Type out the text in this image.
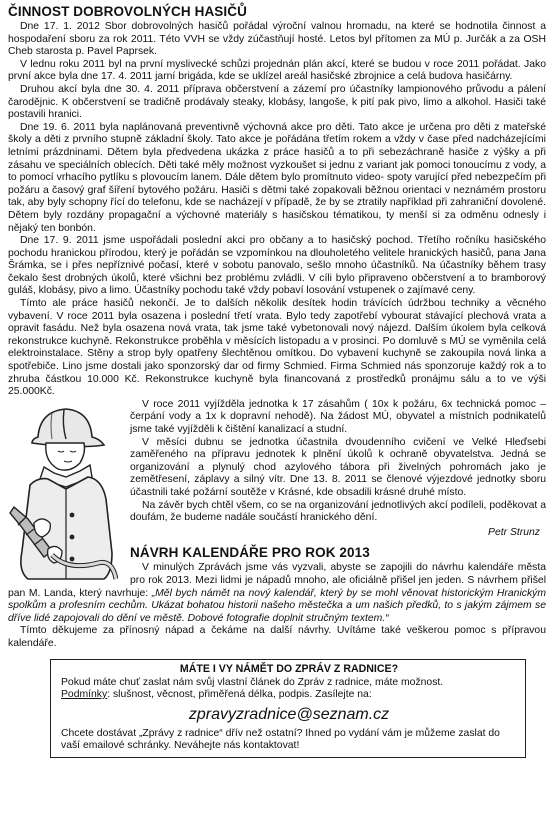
ČINNOST DOBROVOLNÝCH HASIČŮ

Dne 17. 1. 2012 Sbor dobrovolných hasičů pořádal výroční valnou hromadu, na které se hodnotila činnost a hospodaření sboru za rok 2011. Této VVH se vždy zúčastňují hosté. Letos byl přítomen za MÚ p. Jurčák a za OSH Cheb starosta p. Pavel Paprsek.

V lednu roku 2011 byl na první myslivecké schůzi projednán plán akcí, které se budou v roce 2011 pořádat. Jako první akce byla dne 17. 4. 2011 jarní brigáda, kde se uklízel areál hasičské zbrojnice a celá budova hasičárny.

Druhou akcí byla dne 30. 4. 2011 příprava občerstvení a zázemí pro účastníky lampionového průvodu a pálení čarodějnic. K občerstvení se tradičně prodávaly steaky, klobásy, langoše, k pití pak pivo, limo a alkohol. Hasiči také postavili hranici.

Dne 19. 6. 2011 byla naplánovaná preventivně výchovná akce pro děti. Tato akce je určena pro děti z mateřské školy a děti z prvního stupně základní školy. Tato akce je pořádána třetím rokem a vždy v čase před nadcházejícími letními prázdninami. Dětem byla předvedena ukázka z práce hasičů a to při sebezáchraně hasiče z výšky a při zásahu ve speciálních oblecích. Děti také měly možnost vyzkoušet si jednu z variant jak pomoci tonoucímu z vody, a to pomocí vrhacího pytlíku s plovoucím lanem. Dále dětem bylo promítnuto video- spoty varující před nebezpečím při požáru a časový graf šíření bytového požáru. Hasiči s dětmi také zopakovali běžnou orientaci v neznámém prostoru tak, aby byly schopny řící do telefonu, kde se nacházejí v případě, že by se ztratily například při zahraniční dovolené. Dětem byly rozdány propagační a výchovné materiály s hasičskou tématikou, ty menší si za odměnu odnesly i nějaký ten bonbón.

Dne 17. 9. 2011 jsme uspořádali poslední akci pro občany a to hasičský pochod. Třetího ročníku hasičského pochodu hranickou přírodou, který je pořádán se vzpomínkou na dlouholetého velitele hranických hasičů, pana Jana Šrámka, se i přes nepříznivé počasí, které v sobotu panovalo, sešlo mnoho účastníků. Na účastníky během trasy čekalo šest drobných úkolů, které všichni bez problému zvládli. V cíli bylo připraveno občerstvení a to bramborový guláš, klobásy, pivo a limo. Účastníky pochodu také vždy pobaví losování vstupenek o zajímavé ceny.

Tímto ale práce hasičů nekončí. Je to dalších několik desítek hodin trávících údržbou techniky a věcného vybavení. V roce 2011 byla osazena i poslední třetí vrata. Bylo tedy zapotřebí vybourat stávající plechová vrata a opravit fasádu. Než byla osazena nová vrata, tak jsme také vybetonovali nový nájezd. Dalším úkolem byla celková rekonstrukce kuchyně. Rekonstrukce proběhla v měsících listopadu a v prosinci. Po domluvě s MÚ se vyměnila celá elektroinstalace. Stěny a strop byly opatřeny šlechtěnou omítkou. Do vybavení kuchyně se zakoupila nová linka a spotřebiče. Lino jsme dostali jako sponzorský dar od firmy Schmied. Firma Schmied nás sponzoruje každý rok a to zhruba částkou 10.000 Kč. Rekonstrukce kuchyně byla financovaná z prostředků pronájmu sálu a to ve výši 25.000Kč.

V roce 2011 vyjížděla jednotka k 17 zásahům ( 10x k požáru, 6x technická pomoc – čerpání vody a 1x k dopravní nehodě). Na žádost MÚ, obyvatel a místních podnikatelů jsme také vyjížděli k čištění kanalizací a studní.

V měsíci dubnu se jednotka účastnila dvoudenního cvičení ve Velké Hleďsebi zaměřeného na přípravu jednotek k plnění úkolů k ochraně obyvatelstva. Jedná se organizování a plynulý chod azylového tábora při živelných pohromách jako je zemětřesení, záplavy a silný vítr. Dne 13. 8. 2011 se členové výjezdové jednotky sboru účastnili také požární soutěže v Krásné, kde obsadili krásné druhé místo.

Na závěr bych chtěl všem, co se na organizování jednotlivých akcí podíleli, poděkovat a doufám, že budeme nadále součástí hranického dění.

Petr Strunz

NÁVRH KALENDÁŘE PRO ROK 2013

V minulých Zprávách jsme vás vyzvali, abyste se zapojili do návrhu kalendáře města pro rok 2013. Mezi lidmi je nápadů mnoho, ale oficiálně přišel jen jeden. S návrhem přišel pan M. Landa, který navrhuje: „Měl bych námět na nový kalendář, který by se mohl věnovat historickým Hranickým spolkům a profesním cechům. Ukázat bohatou historii našeho městečka a um našich předků, to s jakým zájmem se dříve lidé zapojovali do dění ve městě. Dobové fotografie doplnit stručným textem.“

Tímto děkujeme za přínosný nápad a čekáme na další návrhy. Uvítáme také veškerou pomoc s přípravou kalendáře.

MÁTE I VY NÁMĚT DO ZPRÁV Z RADNICE?

Pokud máte chuť zaslat nám svůj vlastní článek do Zpráv z radnice, máte možnost.

Podmínky: slušnost, věcnost, přiměřená délka, podpis. Zasílejte na:

zpravyzradnice@seznam.cz

Chcete dostávat „Zprávy z radnice“ dřív než ostatní? Ihned po vydání vám je můžeme zaslat do vaší emailové schránky. Neváhejte nás kontaktovat!
